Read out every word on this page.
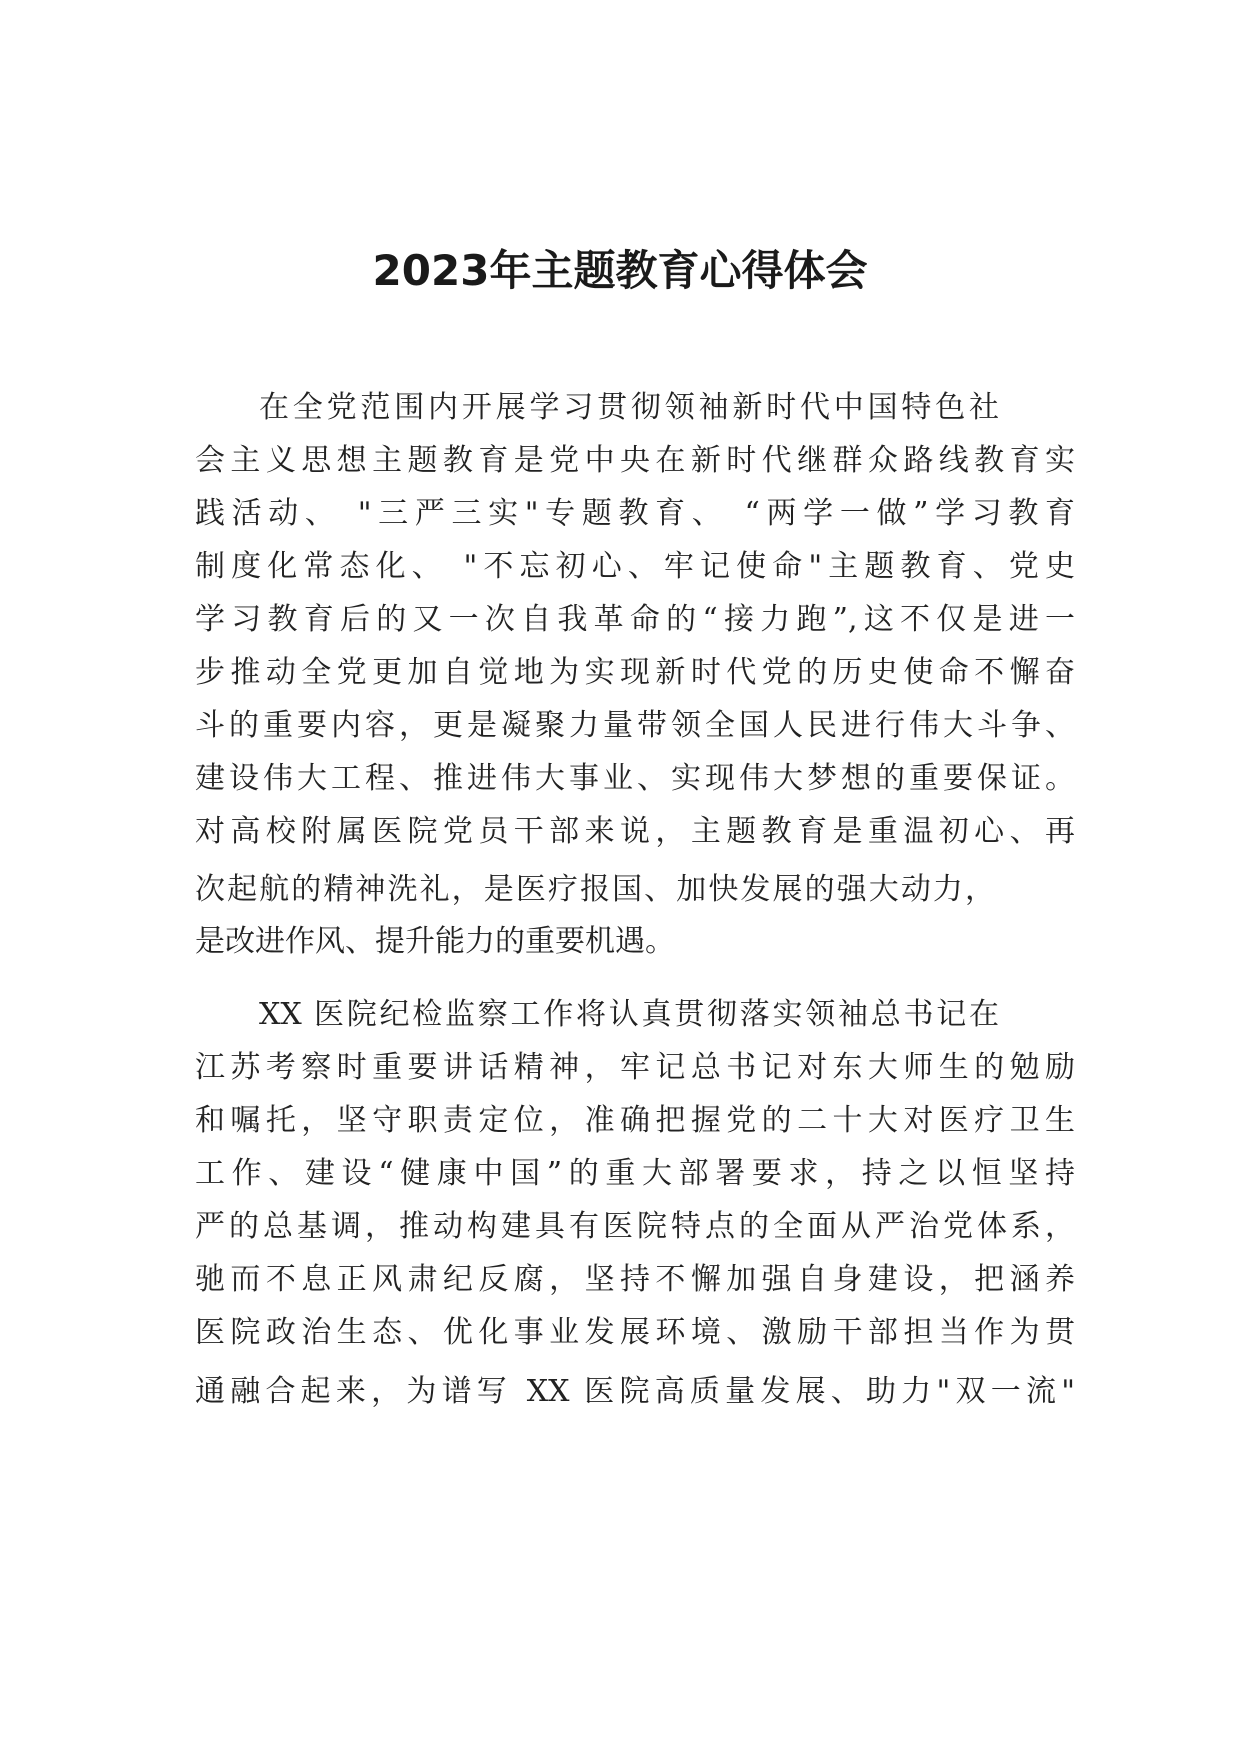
2023年主题教育心得体会

在全党范围内开展学习贯彻领袖新时代中国特色社

会主义思想主题教育是党中央在新时代继群众路线教育实

践活动、 "三严三实"专题教育、 “两学一做”学习教育

制度化常态化、 "不忘初心、牢记使命"主题教育、党史

学习教育后的又一次自我革命的“接力跑”,这不仅是进一

步推动全党更加自觉地为实现新时代党的历史使命不懈奋

斗的重要内容，更是凝聚力量带领全国人民进行伟大斗争、

建设伟大工程、推进伟大事业、实现伟大梦想的重要保证。

对高校附属医院党员干部来说，主题教育是重温初心、再

次起航的精神洗礼，是医疗报国、加快发展的强大动力，

是改进作风、提升能力的重要机遇。

XX 医院纪检监察工作将认真贯彻落实领袖总书记在

江苏考察时重要讲话精神，牢记总书记对东大师生的勉励

和嘱托，坚守职责定位，准确把握党的二十大对医疗卫生

工作、建设“健康中国”的重大部署要求，持之以恒坚持

严的总基调，推动构建具有医院特点的全面从严治党体系，

驰而不息正风肃纪反腐，坚持不懈加强自身建设，把涵养

医院政治生态、优化事业发展环境、激励干部担当作为贯

通融合起来，为谱写 XX 医院高质量发展、助力"双一流"
